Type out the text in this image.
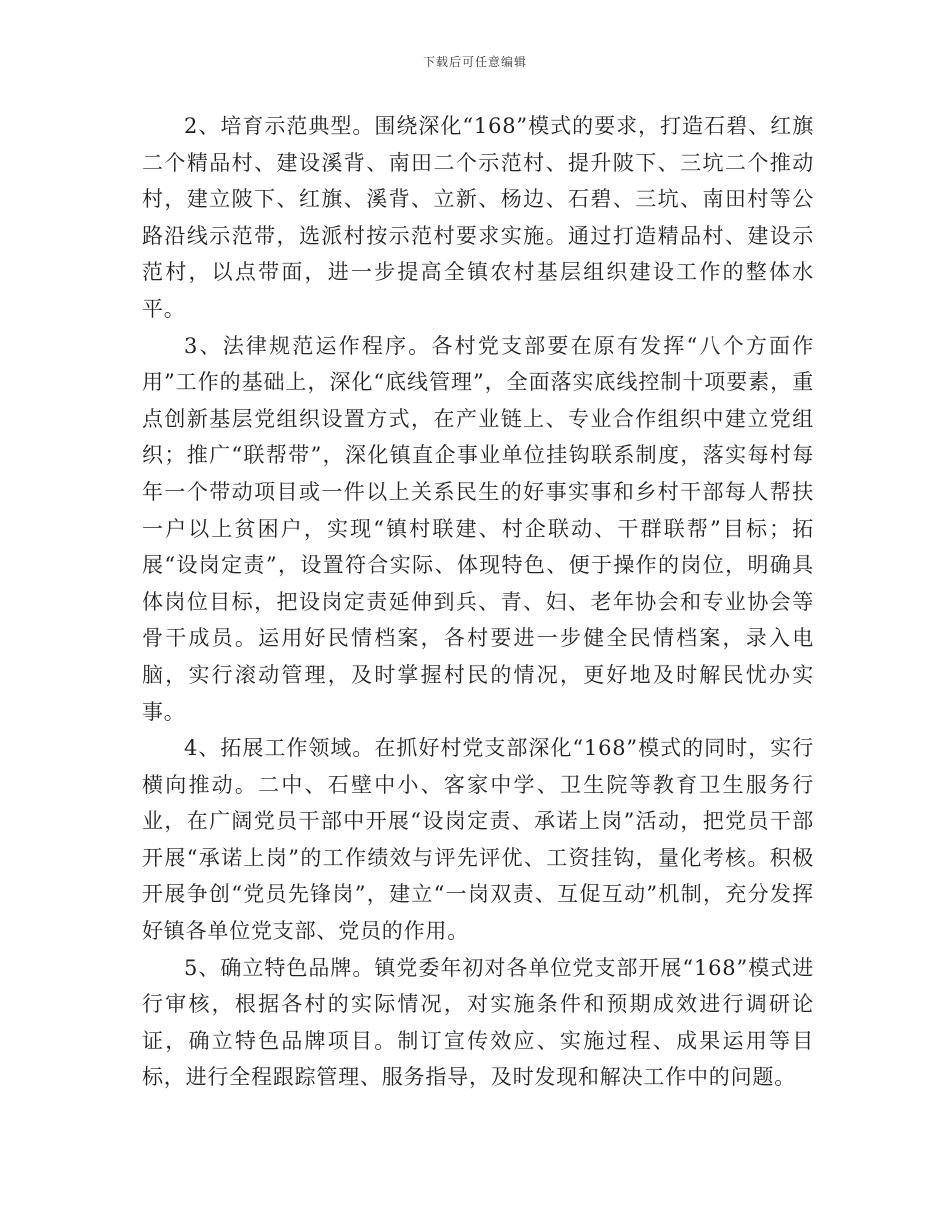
下载后可任意编辑

2、培育示范典型。围绕深化“168”模式的要求，打造石碧、红旗二个精品村、建设溪背、南田二个示范村、提升陂下、三坑二个推动村，建立陂下、红旗、溪背、立新、杨边、石碧、三坑、南田村等公路沿线示范带，选派村按示范村要求实施。通过打造精品村、建设示范村，以点带面，进一步提高全镇农村基层组织建设工作的整体水平。

3、法律规范运作程序。各村党支部要在原有发挥“八个方面作用”工作的基础上，深化“底线管理”，全面落实底线控制十项要素，重点创新基层党组织设置方式，在产业链上、专业合作组织中建立党组织；推广“联帮带”，深化镇直企事业单位挂钩联系制度，落实每村每年一个带动项目或一件以上关系民生的好事实事和乡村干部每人帮扶一户以上贫困户，实现“镇村联建、村企联动、干群联帮”目标；拓展“设岗定责”，设置符合实际、体现特色、便于操作的岗位，明确具体岗位目标，把设岗定责延伸到兵、青、妇、老年协会和专业协会等骨干成员。运用好民情档案，各村要进一步健全民情档案，录入电脑，实行滚动管理，及时掌握村民的情况，更好地及时解民忧办实事。

4、拓展工作领域。在抓好村党支部深化“168”模式的同时，实行横向推动。二中、石壁中小、客家中学、卫生院等教育卫生服务行业，在广阔党员干部中开展“设岗定责、承诺上岗”活动，把党员干部开展“承诺上岗”的工作绩效与评先评优、工资挂钩，量化考核。积极开展争创“党员先锋岗”，建立“一岗双责、互促互动”机制，充分发挥好镇各单位党支部、党员的作用。

5、确立特色品牌。镇党委年初对各单位党支部开展“168”模式进行审核，根据各村的实际情况，对实施条件和预期成效进行调研论证，确立特色品牌项目。制订宣传效应、实施过程、成果运用等目标，进行全程跟踪管理、服务指导，及时发现和解决工作中的问题。
